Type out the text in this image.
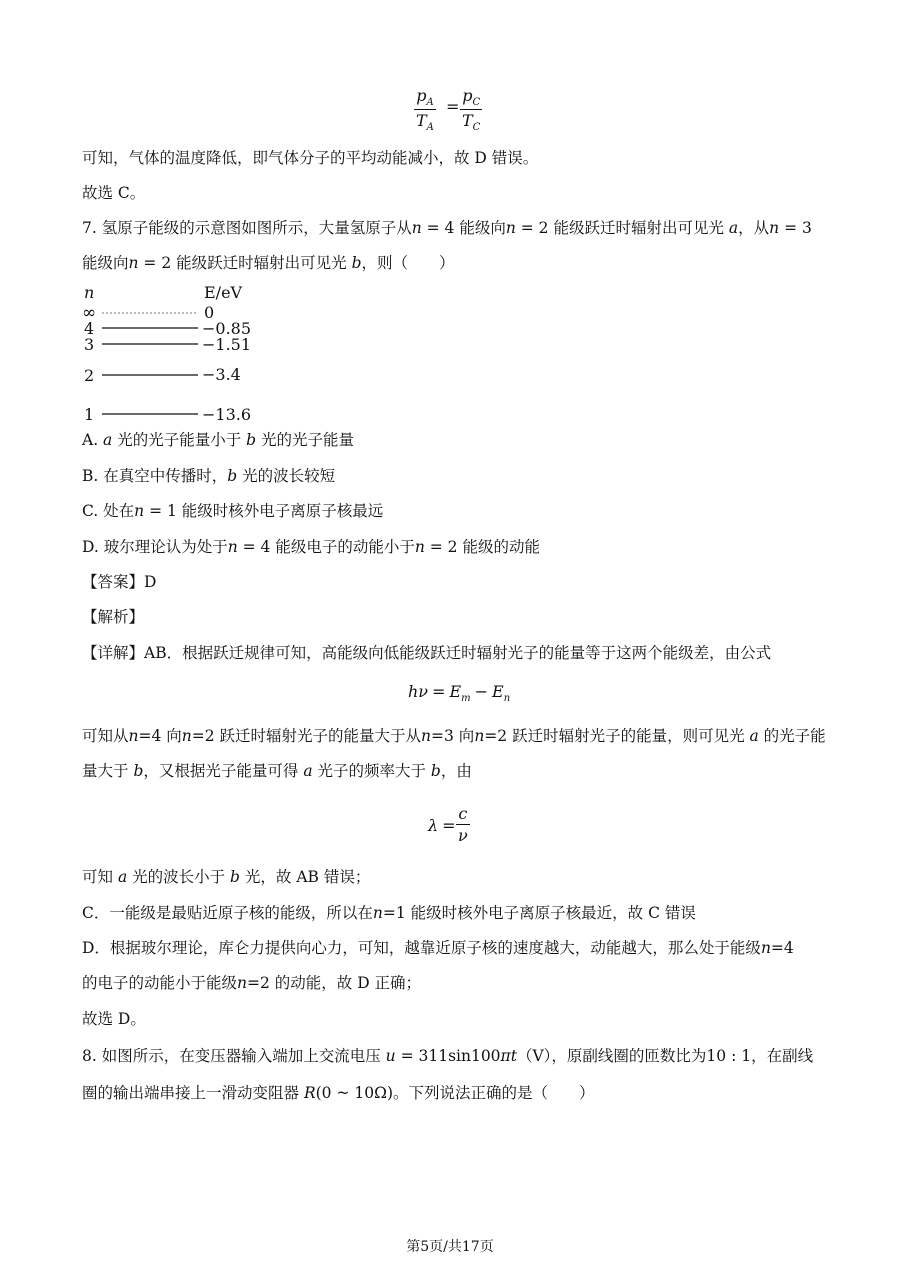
$p_A$
$T_A$
=
$p_C$
$T_C$
可知，气体的温度降低，即气体分子的平均动能减小，故 D 错误。
故选 C。
7. 氢原子能级的示意图如图所示，大量氢原子从n = 4 能级向n = 2 能级跃迁时辐射出可见光 a，从n = 3
能级向n = 2 能级跃迁时辐射出可见光 b，则（　　）
n	E/eV
∞	0
4	−0.85
3	−1.51
2	−3.4
1	−13.6
A. a 光的光子能量小于 b 光的光子能量
B. 在真空中传播时，b 光的波长较短
C. 处在n = 1 能级时核外电子离原子核最远
D. 玻尔理论认为处于n = 4 能级电子的动能小于n = 2 能级的动能
【答案】D
【解析】
【详解】AB．根据跃迁规律可知，高能级向低能级跃迁时辐射光子的能量等于这两个能级差，由公式
$h\nu = E_m - E_n$
可知从n=4 向n=2 跃迁时辐射光子的能量大于从n=3 向n=2 跃迁时辐射光子的能量，则可见光 a 的光子能
量大于 b，又根据光子能量可得 a 光子的频率大于 b，由
λ =
c
ν
可知 a 光的波长小于 b 光，故 AB 错误；
C．一能级是最贴近原子核的能级，所以在n=1 能级时核外电子离原子核最近，故 C 错误
D．根据玻尔理论，库仑力提供向心力，可知，越靠近原子核的速度越大，动能越大，那么处于能级n=4
的电子的动能小于能级n=2 的动能，故 D 正确；
故选 D。
8. 如图所示，在变压器输入端加上交流电压 u = 311sin100πt（V），原副线圈的匝数比为10 : 1，在副线
圈的输出端串接上一滑动变阻器 R(0 ~ 10Ω)。下列说法正确的是（　　）
第5页/共17页
